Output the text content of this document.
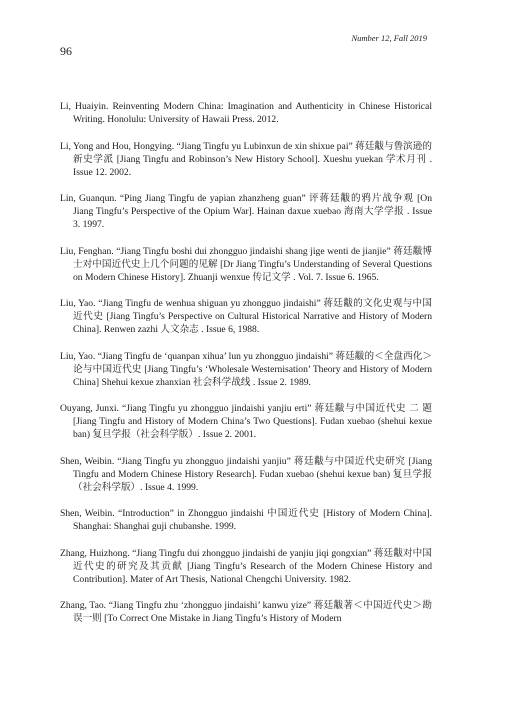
Number 12, Fall 2019
96

Li, Huaiyin. Reinventing Modern China: Imagination and Authenticity in Chinese Historical Writing. Honolulu: University of Hawaii Press. 2012.

Li, Yong and Hou, Hongying. “Jiang Tingfu yu Lubinxun de xin shixue pai” 蒋廷黻与鲁滨逊的新史学派 [Jiang Tingfu and Robinson’s New History School]. Xueshu yuekan 学术月刊 . Issue 12. 2002.

Lin, Guanqun. “Ping Jiang Tingfu de yapian zhanzheng guan” 评蒋廷黻的鸦片战争观 [On Jiang Tingfu’s Perspective of the Opium War]. Hainan daxue xuebao 海南大学学报 . Issue 3. 1997.

Liu, Fenghan. “Jiang Tingfu boshi dui zhongguo jindaishi shang jige wenti de jianjie” 蒋廷黻博士对中国近代史上几个问题的见解 [Dr Jiang Tingfu’s Understanding of Several Questions on Modern Chinese History]. Zhuanji wenxue 传记文学 . Vol. 7. Issue 6. 1965.

Liu, Yao. “Jiang Tingfu de wenhua shiguan yu zhongguo jindaishi” 蒋廷黻的文化史观与中国近代史 [Jiang Tingfu’s Perspective on Cultural Historical Narrative and History of Modern China]. Renwen zazhi 人文杂志 . Issue 6, 1988.

Liu, Yao. “Jiang Tingfu de ‘quanpan xihua’ lun yu zhongguo jindaishi” 蒋廷黻的＜全盘西化＞论与中国近代史 [Jiang Tingfu’s ‘Wholesale Westernisation’ Theory and History of Modern China] Shehui kexue zhanxian 社会科学战线 . Issue 2. 1989.

Ouyang, Junxi. “Jiang Tingfu yu zhongguo jindaishi yanjiu erti” 蒋廷黻与中国近代史 二 题 [Jiang Tingfu and History of Modern China’s Two Questions]. Fudan xuebao (shehui kexue ban) 复旦学报（社会科学版）. Issue 2. 2001.

Shen, Weibin. “Jiang Tingfu yu zhongguo jindaishi yanjiu” 蒋廷黻与中国近代史研究 [Jiang Tingfu and Modern Chinese History Research]. Fudan xuebao (shehui kexue ban) 复旦学报（社会科学版）. Issue 4. 1999.

Shen, Weibin. “Introduction” in Zhongguo jindaishi 中国近代史 [History of Modern China]. Shanghai: Shanghai guji chubanshe. 1999.

Zhang, Huizhong. “Jiang Tingfu dui zhongguo jindaishi de yanjiu jiqi gongxian” 蒋廷黻对中国近代史的研究及其贡献 [Jiang Tingfu’s Research of the Modern Chinese History and Contribution]. Mater of Art Thesis, National Chengchi University. 1982.

Zhang, Tao. “Jiang Tingfu zhu ‘zhongguo jindaishi’ kanwu yize” 蒋廷黻著＜中国近代史＞勘误一则 [To Correct One Mistake in Jiang Tingfu’s History of Modern
